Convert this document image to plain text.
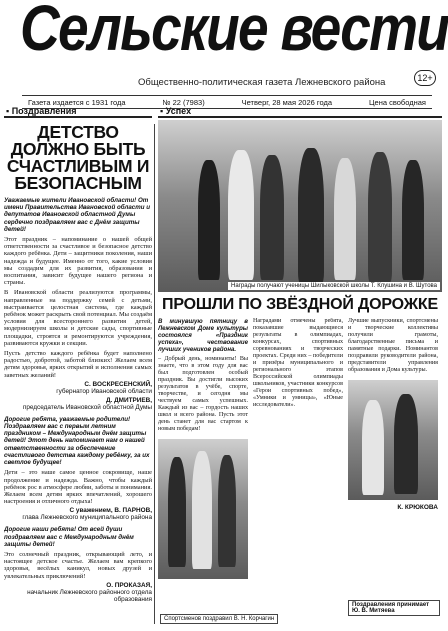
Сельские вести
Общественно-политическая газета Лежневского района	12+
Газета издается с 1931 года	№ 22 (7983)	Четверг, 28 мая 2026 года	Цена свободная
▪ Поздравления	▪ Успех
ДЕТСТВО ДОЛЖНО БЫТЬ СЧАСТЛИВЫМ И БЕЗОПАСНЫМ
Уважаемые жители Ивановской области! От имени Правительства Ивановской области и депутатов Ивановской областной Думы сердечно поздравляем вас с Днём защиты детей!
Этот праздник – напоминание о нашей общей ответственности за счастливое и безопасное детство каждого ребёнка. Дети – защитники поколения, наши надежда и будущее. Именно от того, какие условия мы создадим для их развития, образования и воспитания, зависит будущее нашего региона и страны.
В Ивановской области реализуются программы, направленные на поддержку семей с детьми, выстраивается целостная система, где каждый ребёнок может раскрыть свой потенциал. Мы создаём условия для всестороннего развития детей, модернизируем школы и детские сады, спортивные площадки, строятся и ремонтируются учреждения, развиваются кружки и секции.
Пусть детство каждого ребёнка будет наполнено радостью, добротой, заботой близких! Желаем всем детям здоровья, ярких открытий и исполнения самых заветных желаний!
С. ВОСКРЕСЕНСКИЙ,
губернатор Ивановской области
Д. ДМИТРИЕВ,
председатель Ивановской областной Думы
Дорогие ребята, уважаемые родители! Поздравляем вас с первым летним праздником – Международным днём защиты детей! Этот день напоминает нам о нашей ответственности за обеспечение счастливого детства каждому ребёнку, за их светлое будущее!
Дети – это наше самое ценное сокровище, наше продолжение и надежда. Важно, чтобы каждый ребёнок рос в атмосфере любви, заботы и понимания. Желаем всем детям ярких впечатлений, хорошего настроения и отличного отдыха!
С уважением, В. ПАРНОВ,
глава Лежневского муниципального района
Дорогие наши ребята! От всей души поздравляем вас с Международным днём защиты детей!
Это солнечный праздник, открывающий лето, и настоящее детское счастье. Желаем вам крепкого здоровья, весёлых каникул, новых друзей и увлекательных приключений!
О. ПРОКАЗАЯ,
начальник Лежневского районного отдела образования
Награды получают ученицы Шилыковской школы Т. Клушина и В. Шутова
ПРОШЛИ ПО ЗВЁЗДНОЙ ДОРОЖКЕ
В минувшую пятницу в Лежневском Доме культуры состоялся «Праздник успеха», чествование лучших учеников района.
– Добрый день, номинанты! Вы знаете, что в этом году для вас был подготовлен особый праздник. Вы достигли высоких результатов в учёбе, спорте, творчестве, и сегодня мы чествуем самых успешных. Каждый из вас – гордость наших школ и всего района. Пусть этот день станет для вас стартом к новым победам!
Наградами отмечены ребята, показавшие выдающиеся результаты в олимпиадах, конкурсах, спортивных соревнованиях и творческих проектах. Среди них – победители и призёры муниципального и регионального этапов Всероссийской олимпиады школьников, участники конкурсов «Герои спортивных побед», «Умники и умницы», «Юные исследователи».
Лучшие выпускники, спортсмены и творческие коллективы получили грамоты, благодарственные письма и памятные подарки. Номинантов поздравили руководители района, представители управления образования и Дома культуры.
К. КРЮКОВА
Спортсменов поздравил В. Н. Корчагин
Поздравления принимает Ю. В. Митяева
